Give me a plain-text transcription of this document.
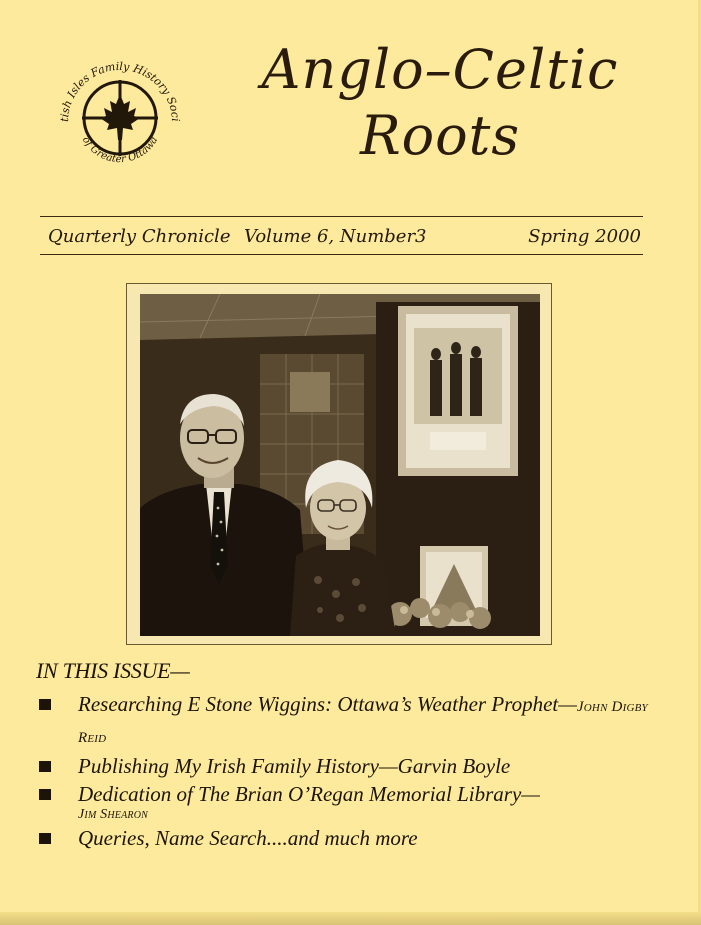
tish Isles Family History Soci
of Greater Ottawa
Anglo–Celtic
Roots
Quarterly Chronicle Volume 6, Number3	Spring 2000
IN THIS ISSUE—
Researching E Stone Wiggins: Ottawa’s Weather Prophet—John Digby Reid
Publishing My Irish Family History—Garvin Boyle
Dedication of The Brian O’Regan Memorial Library—
Jim Shearon
Queries, Name Search....and much more
